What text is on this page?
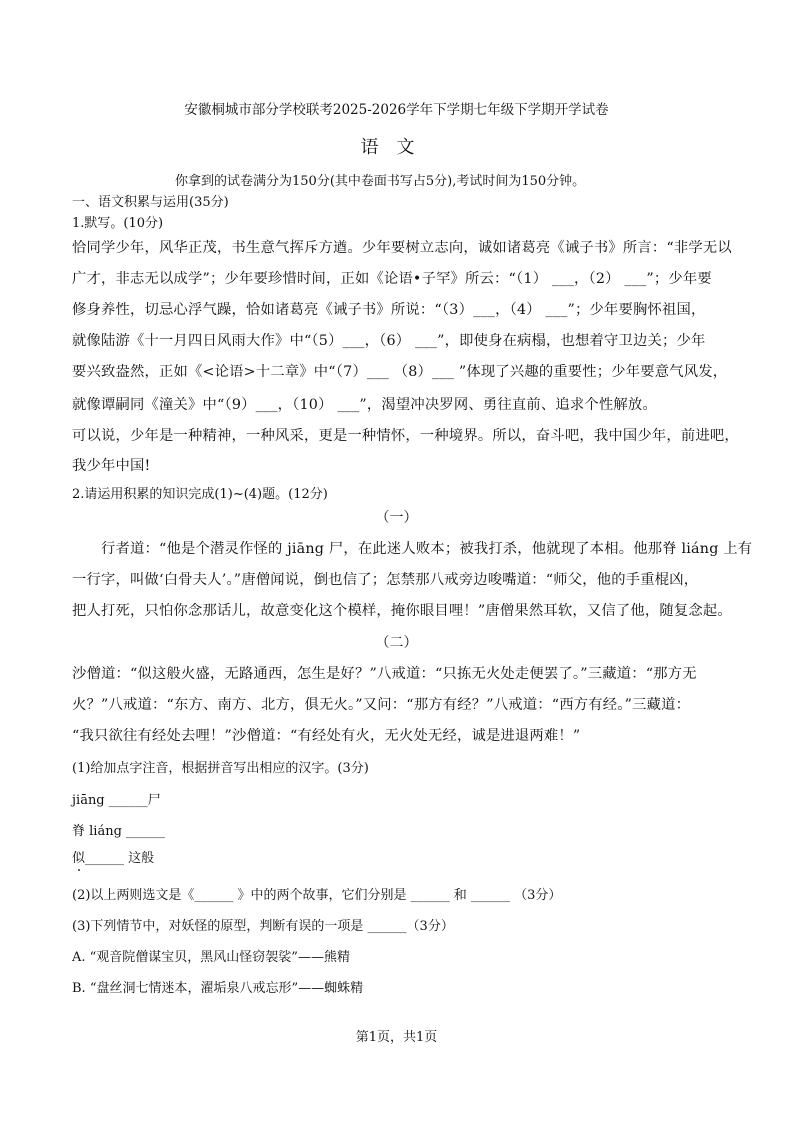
安徽桐城市部分学校联考2025-2026学年下学期七年级下学期开学试卷
语文
你拿到的试卷满分为150分(其中卷面书写占5分),考试时间为150分钟。
一、语文积累与运用(35分)
1.默写。(10分)
恰同学少年，风华正茂，书生意气挥斥方遒。少年要树立志向，诚如诸葛亮《诫子书》所言：“非学无以
广才，非志无以成学”；少年要珍惜时间，正如《论语•子罕》所云：“（1） ___，（2） ___”；少年要
修身养性，切忌心浮气躁，恰如诸葛亮《诫子书》所说：“（3）___，（4） ___”；少年要胸怀祖国，
就像陆游《十一月四日风雨大作》中“（5）___，（6） ___”，即使身在病榻，也想着守卫边关；少年
要兴致盎然，正如《<论语>十二章》中“（7）___ （8）___ ”体现了兴趣的重要性；少年要意气风发，
就像谭嗣同《潼关》中“（9）___，（10） ___”，渴望冲决罗网、勇往直前、追求个性解放。
可以说，少年是一种精神，一种风采，更是一种情怀，一种境界。所以，奋斗吧，我中国少年，前进吧，
我少年中国!
2.请运用积累的知识完成(1)~(4)题。(12分)
（一）
行者道：“他是个潜灵作怪的 jiāng 尸，在此迷人败本；被我打杀，他就现了本相。他那脊 liáng 上有
一行字，叫做‘白骨夫人’。”唐僧闻说，倒也信了；怎禁那八戒旁边唆嘴道：“师父，他的手重棍凶，
把人打死，只怕你念那话儿，故意变化这个模样，掩你眼目哩！”唐僧果然耳软，又信了他，随复念起。
（二）
沙僧道：“似这般火盛，无路通西，怎生是好？”八戒道：“只拣无火处走便罢了。”三藏道：“那方无
火？”八戒道：“东方、南方、北方，俱无火。”又问：“那方有经？”八戒道：“西方有经。”三藏道：
“我只欲往有经处去哩！”沙僧道：“有经处有火，无火处无经，诚是进退两难！”
(1)给加点字注音，根据拼音写出相应的汉字。(3分)
jiāng ______尸
脊 liáng ______
似______ 这般
(2)以上两则选文是《______ 》中的两个故事，它们分别是 ______ 和 ______ （3分）
(3)下列情节中，对妖怪的原型，判断有误的一项是 ______（3分）
A. “观音院僧谋宝贝，黑风山怪窃袈裟”——熊精
B. “盘丝洞七情迷本，濯垢泉八戒忘形”——蜘蛛精
第1页，共1页
